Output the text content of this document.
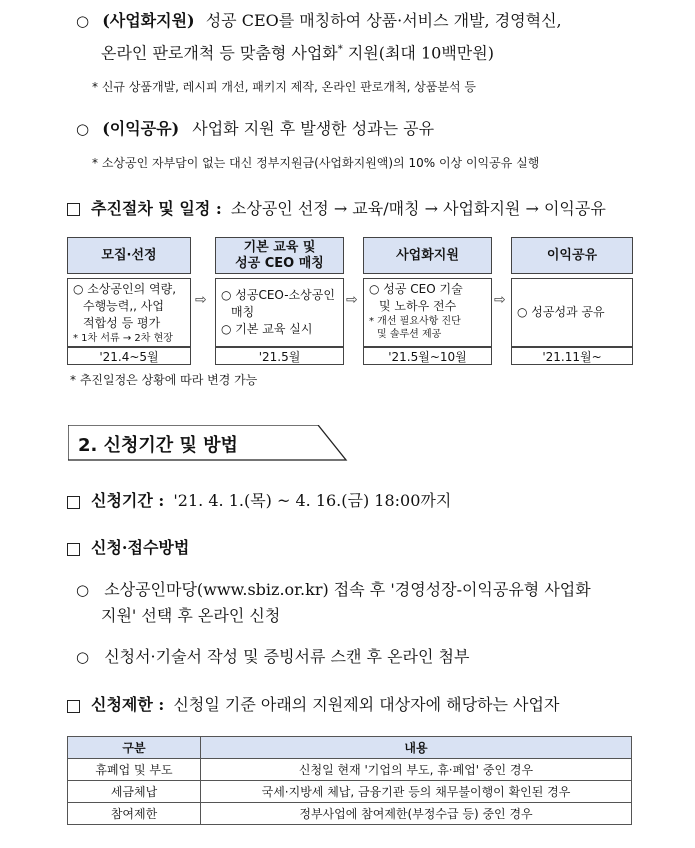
○ (사업화지원) 성공 CEO를 매칭하여 상품·서비스 개발, 경영혁신,
온라인 판로개척 등 맞춤형 사업화* 지원(최대 10백만원)
* 신규 상품개발, 레시피 개선, 패키지 제작, 온라인 판로개척, 상품분석 등
○ (이익공유) 사업화 지원 후 발생한 성과는 공유
* 소상공인 자부담이 없는 대신 정부지원금(사업화지원액)의 10% 이상 이익공유 실행
추진절차 및 일정 : 소상공인 선정 → 교육/매칭 → 사업화지원 → 이익공유
모집·선정
○ 소상공인의 역량,
수행능력,, 사업
적합성 등 평가
* 1차 서류 → 2차 현장
'21.4~5월
⇨
기본 교육 및
성공 CEO 매칭
○ 성공CEO-소상공인
매칭
○ 기본 교육 실시
'21.5월
⇨
사업화지원
○ 성공 CEO 기술
및 노하우 전수
* 개선 필요사항 진단
및 솔루션 제공
'21.5월~10월
⇨
이익공유
○ 성공성과 공유
'21.11월~
* 추진일정은 상황에 따라 변경 가능
2. 신청기간 및 방법
신청기간 : '21. 4. 1.(목) ~ 4. 16.(금) 18:00까지
신청·접수방법
○ 소상공인마당(www.sbiz.or.kr) 접속 후 '경영성장-이익공유형 사업화
지원' 선택 후 온라인 신청
○ 신청서·기술서 작성 및 증빙서류 스캔 후 온라인 첨부
신청제한 : 신청일 기준 아래의 지원제외 대상자에 해당하는 사업자
구분	내용
휴폐업 및 부도	신청일 현재 '기업의 부도, 휴·폐업' 중인 경우
세금체납	국세·지방세 체납, 금융기관 등의 채무불이행이 확인된 경우
참여제한	정부사업에 참여제한(부정수급 등) 중인 경우
